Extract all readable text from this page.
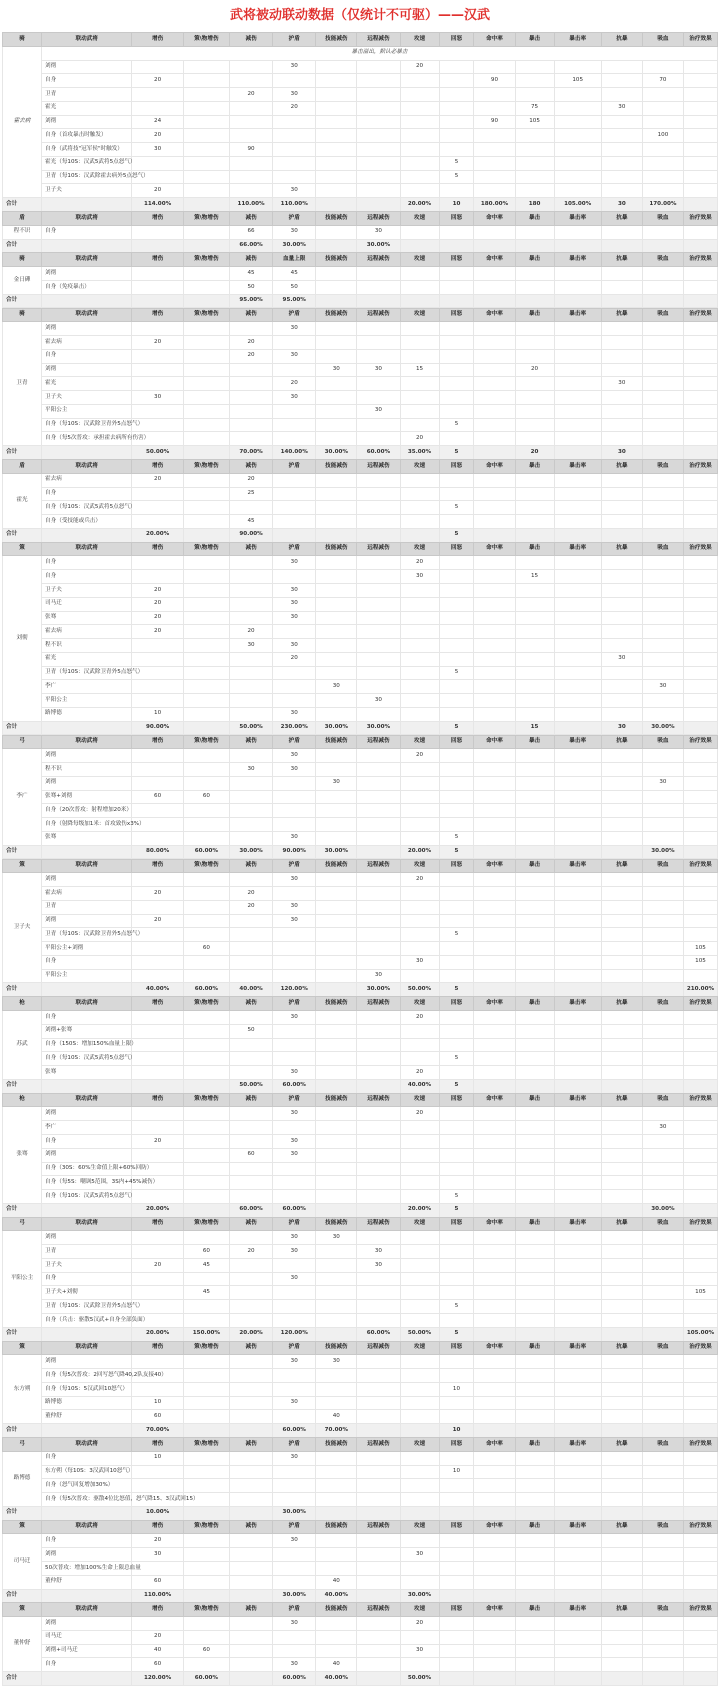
武将被动联动数据（仅统计不可驱）——汉武
骑	联动武将	增伤	策\物增伤	减伤	护盾	技能减伤	远程减伤	攻速	回怒	命中率	暴击	暴击率	抗暴	吸血	治疗效果
霍去病	暴击溢出，默认必暴击														
	刘彻				30			20							
	自身	20								90		105		70	
	卫青			20	30										
	霍光				20						75		30		
	刘彻	24								90	105				
	自身（首攻暴击时触发）	20												100	
	自身（武将技"冠军侯"时触发）	30		90											
	霍光（每10S：汉武5武将5点怒气）								5						
	卫青（每10S：汉武除霍去病外5点怒气）								5						
	卫子夫	20			30										
合计		114.00%		110.00%	110.00%			20.00%	10	180.00%	180	105.00%	30	170.00%	
盾	联动武将	增伤	策\物增伤	减伤	护盾	技能减伤	远程减伤	攻速	回怒	命中率	暴击	暴击率	抗暴	吸血	治疗效果
程不识	自身			66	30		30								
合计				66.00%	30.00%		30.00%								
骑	联动武将	增伤	策\物增伤	减伤	血量上限	技能减伤	远程减伤	攻速	回怒	命中率	暴击	暴击率	抗暴	吸血	治疗效果
金日磾	刘彻			45	45										
	自身（免疫暴击）			50	50										
合计				95.00%	95.00%										
骑	联动武将	增伤	策\物增伤	减伤	护盾	技能减伤	远程减伤	攻速	回怒	命中率	暴击	暴击率	抗暴	吸血	治疗效果
卫青	刘彻				30										
	霍去病	20		20											
	自身			20	30										
	刘彻					30	30	15			20				
	霍光				20								30		
	卫子夫	30			30										
	平阳公主						30								
	自身（每10S：汉武除卫青外5点怒气）								5						
	自身（每5次普攻：承担霍去病所有伤害）							20							
合计		50.00%		70.00%	140.00%	30.00%	60.00%	35.00%	5		20		30		
盾	联动武将	增伤	策\物增伤	减伤	护盾	技能减伤	远程减伤	攻速	回怒	命中率	暴击	暴击率	抗暴	吸血	治疗效果
霍光	霍去病	20		20											
	自身			25											
	自身（每10S：汉武5武将5点怒气）								5						
	自身（受技能或兵击）			45											
合计		20.00%		90.00%					5						
策	联动武将	增伤	策\物增伤	减伤	护盾	技能减伤	远程减伤	攻速	回怒	命中率	暴击	暴击率	抗暴	吸血	治疗效果
刘彻	自身				30			20							
	自身							30			15				
	卫子夫	20			30										
	司马迁	20			30										
	张骞	20			30										
	霍去病	20		20											
	程不识			30	30										
	霍光				20								30		
	卫青（每10S：汉武除卫青外5点怒气）								5						
	李广					30								30	
	平阳公主						30								
	路博德	10			30										
合计		90.00%		50.00%	230.00%	30.00%	30.00%		5		15		30	30.00%	
弓	联动武将	增伤	策\物增伤	减伤	护盾	技能减伤	远程减伤	攻速	回怒	命中率	暴击	暴击率	抗暴	吸血	治疗效果
李广	刘彻				30			20							
	程不识			30	30										
	刘彻					30								30	
	张骞+刘彻	60	60												
	自身（20次普攻：射程增加20米）														
	自身（射降每级加1米：首攻致伤x3%）														
	张骞				30				5						
合计		80.00%	60.00%	30.00%	90.00%	30.00%		20.00%	5					30.00%	
策	联动武将	增伤	策\物增伤	减伤	护盾	技能减伤	远程减伤	攻速	回怒	命中率	暴击	暴击率	抗暴	吸血	治疗效果
卫子夫	刘彻				30			20							
	霍去病	20		20											
	卫青			20	30										
	刘彻	20			30										
	卫青（每10S：汉武除卫青外5点怒气）								5						
	平阳公主+刘彻		60												105
	自身							30							105
	平阳公主						30								
合计		40.00%	60.00%	40.00%	120.00%		30.00%	50.00%	5						210.00%
枪	联动武将	增伤	策\物增伤	减伤	护盾	技能减伤	远程减伤	攻速	回怒	命中率	暴击	暴击率	抗暴	吸血	治疗效果
苏武	自身				30			20							
	刘彻+张骞			50											
	自身（150S：增加150%血量上限）														
	自身（每10S：汉武5武将5点怒气）								5						
	张骞				30			20							
合计				50.00%	60.00%			40.00%	5						
枪	联动武将	增伤	策\物增伤	减伤	护盾	技能减伤	远程减伤	攻速	回怒	命中率	暴击	暴击率	抗暴	吸血	治疗效果
张骞	刘彻				30			20							
	李广													30	
	自身	20			30										
	刘彻			60	30										
	自身（30S：60%生命值上限+60%回防）														
	自身（每5S：嘲讽5范围，3S内+45%减伤）														
	自身（每10S：汉武5武将5点怒气）								5						
合计		20.00%		60.00%	60.00%			20.00%	5					30.00%	
弓	联动武将	增伤	策\物增伤	减伤	护盾	技能减伤	远程减伤	攻速	回怒	命中率	暴击	暴击率	抗暴	吸血	治疗效果
平阳公主	刘彻				30	30									
	卫青		60	20	30		30								
	卫子夫	20	45				30								
	自身				30										
	卫子夫+刘彻		45												105
	卫青（每10S：汉武除卫青外5点怒气）								5						
	自身（兵击：驱散5汉武+自身全部负面）														
合计		20.00%	150.00%	20.00%	120.00%		60.00%	50.00%	5						105.00%
策	联动武将	增伤	策\物增伤	减伤	护盾	技能减伤	远程减伤	攻速	回怒	命中率	暴击	暴击率	抗暴	吸血	治疗效果
东方朔	刘彻				30	30									
	自身（每5次普攻：2回写怒气降40,2队友接40）														
	自身（每10S：5汉武回10怒气）								10						
	路博德	10			30										
	董仲舒	60				40									
合计		70.00%			60.00%	70.00%			10						
弓	联动武将	增伤	策\物增伤	减伤	护盾	技能减伤	远程减伤	攻速	回怒	命中率	暴击	暴击率	抗暴	吸血	治疗效果
路博德	自身	10			30										
	东方朔（每10S：3汉武回10怒气）								10						
	自身（怒气回复增加30%）														
	自身（每5次普攻：驱散4位比怒值，怒气降15、3汉武回15）														
合计		10.00%			30.00%										
策	联动武将	增伤	策\物增伤	减伤	护盾	技能减伤	远程减伤	攻速	回怒	命中率	暴击	暴击率	抗暴	吸血	治疗效果
司马迁	自身	20			30										
	刘彻	30						30							
	50次普攻：增加100%生命上限总血量														
	董仲舒	60				40									
合计		110.00%			30.00%	40.00%		30.00%							
策	联动武将	增伤	策\物增伤	减伤	护盾	技能减伤	远程减伤	攻速	回怒	命中率	暴击	暴击率	抗暴	吸血	治疗效果
董仲舒	刘彻				30			20							
	司马迁	20													
	刘彻+司马迁	40	60					30							
	自身	60			30	40									
合计		120.00%	60.00%		60.00%	40.00%		50.00%							
